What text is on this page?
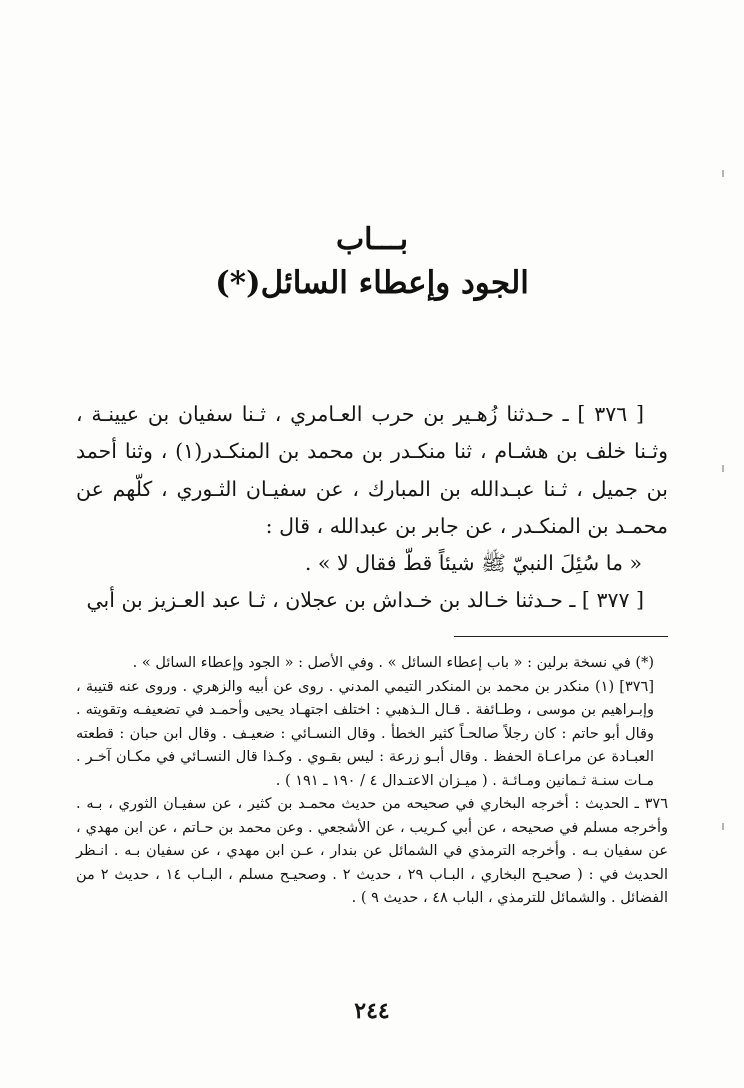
بـــاب
الجود وإعطاء السائل(*)

[ ٣٧٦ ] ـ حـدثنا زُهـير بن حرب العـامري ، ثـنا سفيان بن عيينـة ، وثـنا خلف بن هشـام ، ثنا منكـدر بن محمد بن المنكـدر(١) ، وثنا أحمد بن جميل ، ثـنا عبـدالله بن المبارك ، عن سفيـان الثـوري ، كلّهم عن محمـد بن المنكـدر ، عن جابر بن عبدالله ، قال :

« ما سُئِلَ النبيّ ﷺ شيئاً قطّ فقال لا » .

[ ٣٧٧ ] ـ حـدثنا خـالد بن خـداش بن عجلان ، ثـا عبد العـزيز بن أبي

(*) في نسخة برلين : « باب إعطاء السائل » . وفي الأصل : « الجود وإعطاء السائل » .

[٣٧٦] (١) منكدر بن محمد بن المنكدر التيمي المدني . روى عن أبيه والزهري . وروى عنه قتيبة ، وإبـراهيم بن موسى ، وطـائفة . قـال الـذهبي : اختلف اجتهـاد يحيى وأحمـد في تضعيفـه وتقويته . وقال أبو حاتم : كان رجلاً صالحـاً كثير الخطأ . وقال النسـائي : ضعيـف . وقال ابن حبان : قطعته العبـادة عن مراعـاة الحفظ . وقال أبـو زرعة : ليس بقـوي . وكـذا قال النسـائي في مكـان آخـر . مـات سنـة ثـمانين ومـائـة . ( ميـزان الاعتـدال ٤ / ١٩٠ ـ ١٩١ ) .

٣٧٦ ـ الحديث : أخرجه البخاري في صحيحه من حديث محمـد بن كثير ، عن سفيـان الثوري ، بـه . وأخرجه مسلم في صحيحه ، عن أبي كـريب ، عن الأشجعي . وعن محمد بن حـاتم ، عن ابن مهدي ، عن سفيان بـه . وأخرجه الترمذي في الشمائل عن بندار ، عـن ابن مهدي ، عن سفيان بـه . انـظر الحديث في : ( صحيـح البخاري ، البـاب ٢٩ ، حديث ٢ . وصحيـح مسلم ، البـاب ١٤ ، حديث ٢ من الفضائل . والشمائل للترمذي ، الباب ٤٨ ، حديث ٩ ) .

٢٤٤
